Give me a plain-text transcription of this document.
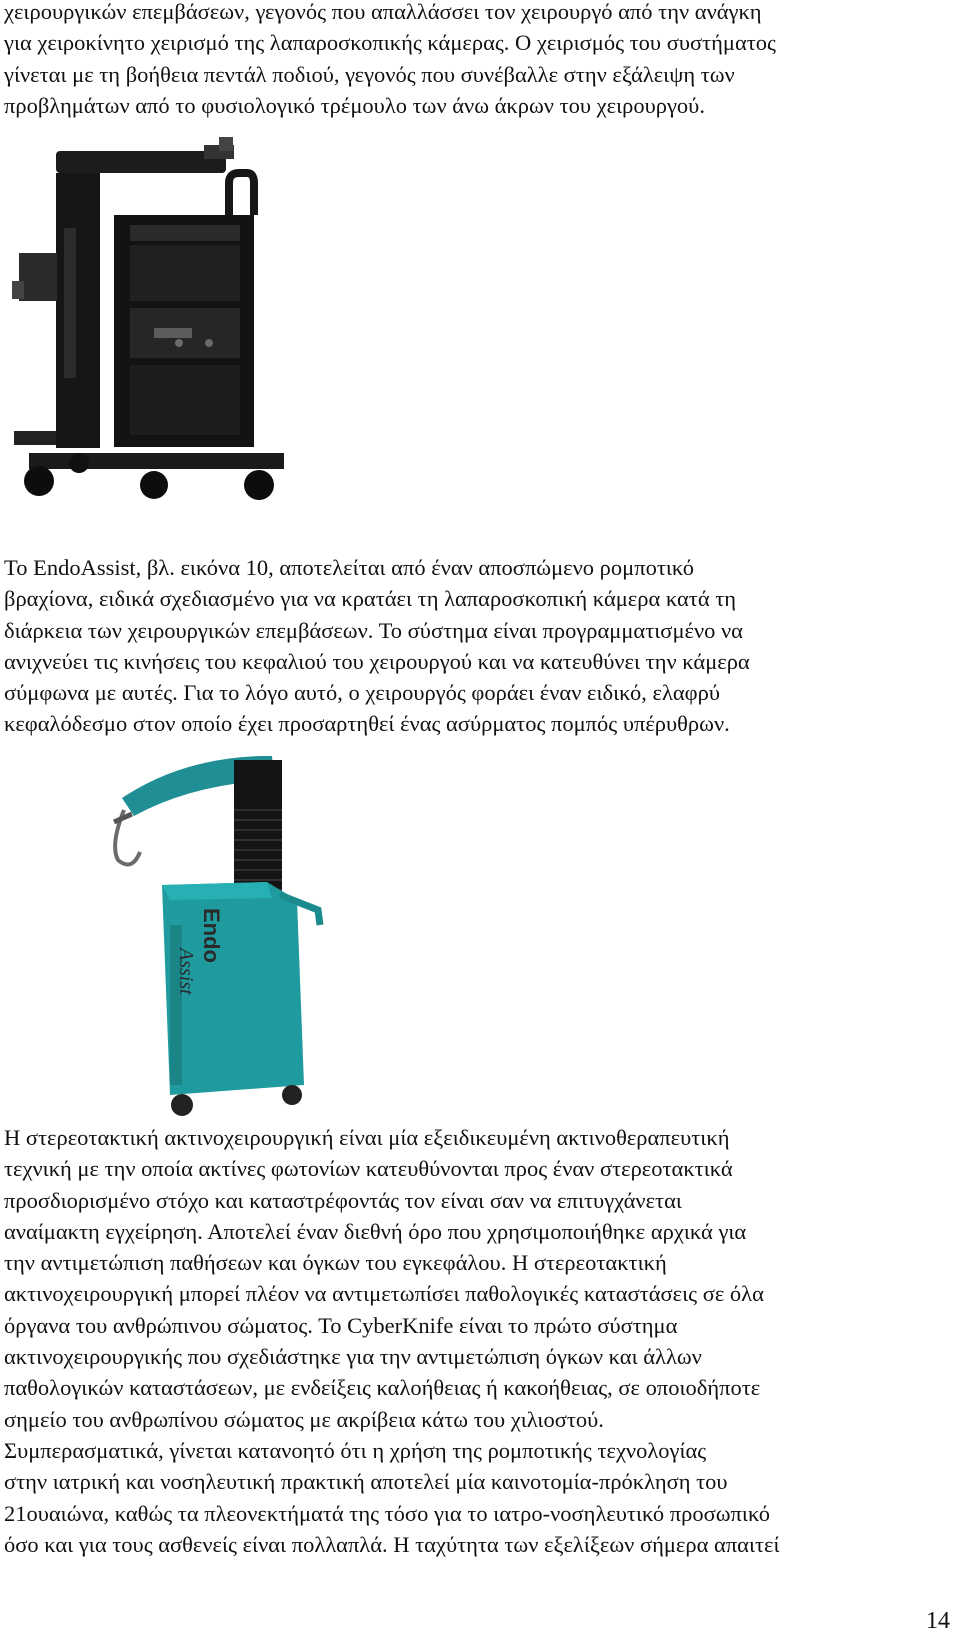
χειρουργικών επεμβάσεων, γεγονός που απαλλάσσει τον χειρουργό από την ανάγκη
για χειροκίνητο χειρισμό της λαπαροσκοπικής κάμερας. Ο χειρισμός του συστήματος
γίνεται με τη βοήθεια πεντάλ ποδιού, γεγονός που συνέβαλλε στην εξάλειψη των
προβλημάτων από το φυσιολογικό τρέμουλο των άνω άκρων του χειρουργού.

Το EndoAssist, βλ. εικόνα 10, αποτελείται από έναν αποσπώμενο ρομποτικό
βραχίονα, ειδικά σχεδιασμένο για να κρατάει τη λαπαροσκοπική κάμερα κατά τη
διάρκεια των χειρουργικών επεμβάσεων. Το σύστημα είναι προγραμματισμένο να
ανιχνεύει τις κινήσεις του κεφαλιού του χειρουργού και να κατευθύνει την κάμερα
σύμφωνα με αυτές. Για το λόγο αυτό, ο χειρουργός φοράει έναν ειδικό, ελαφρύ
κεφαλόδεσμο στον οποίο έχει προσαρτηθεί ένας ασύρματος πομπός υπέρυθρων.

Endo
Assist

Η στερεοτακτική ακτινοχειρουργική είναι μία εξειδικευμένη ακτινοθεραπευτική
τεχνική με την οποία ακτίνες φωτονίων κατευθύνονται προς έναν στερεοτακτικά
προσδιορισμένο στόχο και καταστρέφοντάς τον είναι σαν να επιτυγχάνεται
αναίμακτη εγχείρηση. Αποτελεί έναν διεθνή όρο που χρησιμοποιήθηκε αρχικά για
την αντιμετώπιση παθήσεων και όγκων του εγκεφάλου. Η στερεοτακτική
ακτινοχειρουργική μπορεί πλέον να αντιμετωπίσει παθολογικές καταστάσεις σε όλα
όργανα του ανθρώπινου σώματος. Το CyberKnife είναι το πρώτο σύστημα
ακτινοχειρουργικής που σχεδιάστηκε για την αντιμετώπιση όγκων και άλλων
παθολογικών καταστάσεων, με ενδείξεις καλοήθειας ή κακοήθειας, σε οποιοδήποτε
σημείο του ανθρωπίνου σώματος με ακρίβεια κάτω του χιλιοστού.

Συμπερασματικά, γίνεται κατανοητό ότι η χρήση της ρομποτικής τεχνολογίας
στην ιατρική και νοσηλευτική πρακτική αποτελεί μία καινοτομία-πρόκληση του
21ουαιώνα, καθώς τα πλεονεκτήματά της τόσο για το ιατρο-νοσηλευτικό προσωπικό
όσο και για τους ασθενείς είναι πολλαπλά. Η ταχύτητα των εξελίξεων σήμερα απαιτεί

14
